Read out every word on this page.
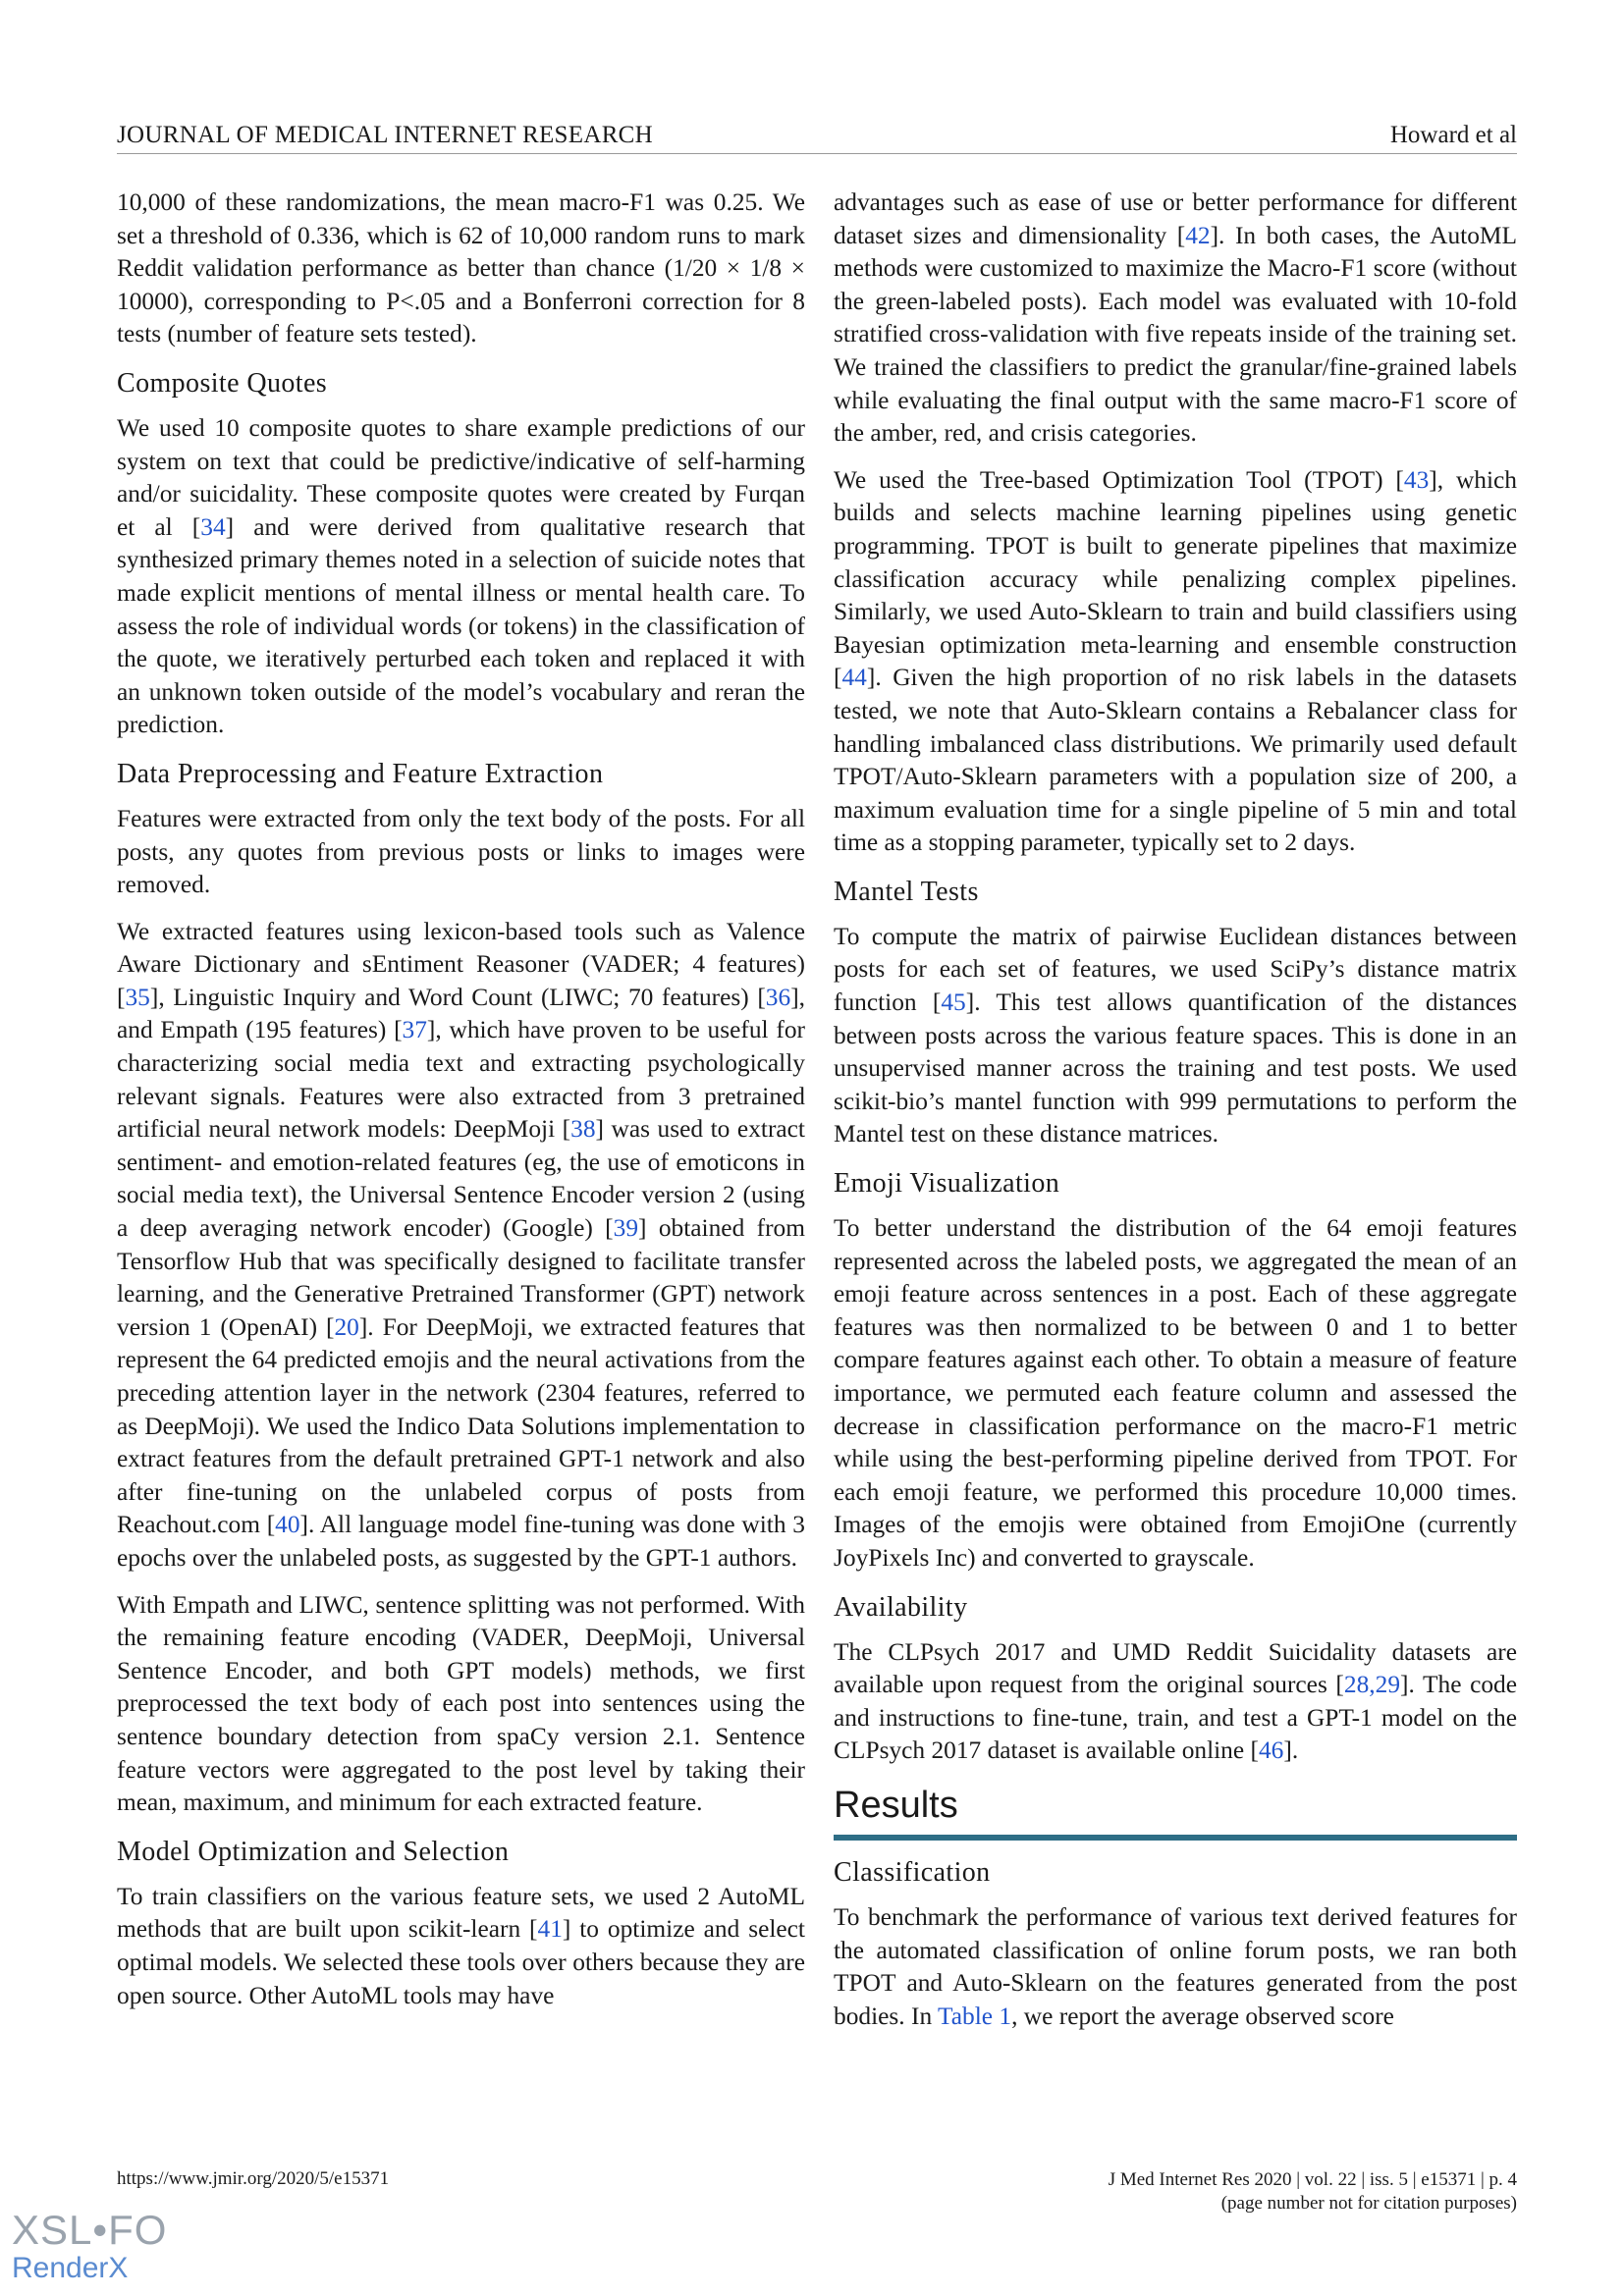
JOURNAL OF MEDICAL INTERNET RESEARCH	Howard et al

10,000 of these randomizations, the mean macro-F1 was 0.25. We set a threshold of 0.336, which is 62 of 10,000 random runs to mark Reddit validation performance as better than chance (1/20 × 1/8 × 10000), corresponding to P<.05 and a Bonferroni correction for 8 tests (number of feature sets tested).

Composite Quotes

We used 10 composite quotes to share example predictions of our system on text that could be predictive/indicative of self-harming and/or suicidality. These composite quotes were created by Furqan et al [34] and were derived from qualitative research that synthesized primary themes noted in a selection of suicide notes that made explicit mentions of mental illness or mental health care. To assess the role of individual words (or tokens) in the classification of the quote, we iteratively perturbed each token and replaced it with an unknown token outside of the model’s vocabulary and reran the prediction.

Data Preprocessing and Feature Extraction

Features were extracted from only the text body of the posts. For all posts, any quotes from previous posts or links to images were removed.

We extracted features using lexicon-based tools such as Valence Aware Dictionary and sEntiment Reasoner (VADER; 4 features) [35], Linguistic Inquiry and Word Count (LIWC; 70 features) [36], and Empath (195 features) [37], which have proven to be useful for characterizing social media text and extracting psychologically relevant signals. Features were also extracted from 3 pretrained artificial neural network models: DeepMoji [38] was used to extract sentiment- and emotion-related features (eg, the use of emoticons in social media text), the Universal Sentence Encoder version 2 (using a deep averaging network encoder) (Google) [39] obtained from Tensorflow Hub that was specifically designed to facilitate transfer learning, and the Generative Pretrained Transformer (GPT) network version 1 (OpenAI) [20]. For DeepMoji, we extracted features that represent the 64 predicted emojis and the neural activations from the preceding attention layer in the network (2304 features, referred to as DeepMoji). We used the Indico Data Solutions implementation to extract features from the default pretrained GPT-1 network and also after fine-tuning on the unlabeled corpus of posts from Reachout.com [40]. All language model fine-tuning was done with 3 epochs over the unlabeled posts, as suggested by the GPT-1 authors.

With Empath and LIWC, sentence splitting was not performed. With the remaining feature encoding (VADER, DeepMoji, Universal Sentence Encoder, and both GPT models) methods, we first preprocessed the text body of each post into sentences using the sentence boundary detection from spaCy version 2.1. Sentence feature vectors were aggregated to the post level by taking their mean, maximum, and minimum for each extracted feature.

Model Optimization and Selection

To train classifiers on the various feature sets, we used 2 AutoML methods that are built upon scikit-learn [41] to optimize and select optimal models. We selected these tools over others because they are open source. Other AutoML tools may have

advantages such as ease of use or better performance for different dataset sizes and dimensionality [42]. In both cases, the AutoML methods were customized to maximize the Macro-F1 score (without the green-labeled posts). Each model was evaluated with 10-fold stratified cross-validation with five repeats inside of the training set. We trained the classifiers to predict the granular/fine-grained labels while evaluating the final output with the same macro-F1 score of the amber, red, and crisis categories.

We used the Tree-based Optimization Tool (TPOT) [43], which builds and selects machine learning pipelines using genetic programming. TPOT is built to generate pipelines that maximize classification accuracy while penalizing complex pipelines. Similarly, we used Auto-Sklearn to train and build classifiers using Bayesian optimization meta-learning and ensemble construction [44]. Given the high proportion of no risk labels in the datasets tested, we note that Auto-Sklearn contains a Rebalancer class for handling imbalanced class distributions. We primarily used default TPOT/Auto-Sklearn parameters with a population size of 200, a maximum evaluation time for a single pipeline of 5 min and total time as a stopping parameter, typically set to 2 days.

Mantel Tests

To compute the matrix of pairwise Euclidean distances between posts for each set of features, we used SciPy’s distance matrix function [45]. This test allows quantification of the distances between posts across the various feature spaces. This is done in an unsupervised manner across the training and test posts. We used scikit-bio’s mantel function with 999 permutations to perform the Mantel test on these distance matrices.

Emoji Visualization

To better understand the distribution of the 64 emoji features represented across the labeled posts, we aggregated the mean of an emoji feature across sentences in a post. Each of these aggregate features was then normalized to be between 0 and 1 to better compare features against each other. To obtain a measure of feature importance, we permuted each feature column and assessed the decrease in classification performance on the macro-F1 metric while using the best-performing pipeline derived from TPOT. For each emoji feature, we performed this procedure 10,000 times. Images of the emojis were obtained from EmojiOne (currently JoyPixels Inc) and converted to grayscale.

Availability

The CLPsych 2017 and UMD Reddit Suicidality datasets are available upon request from the original sources [28,29]. The code and instructions to fine-tune, train, and test a GPT-1 model on the CLPsych 2017 dataset is available online [46].

Results
Classification

To benchmark the performance of various text derived features for the automated classification of online forum posts, we ran both TPOT and Auto-Sklearn on the features generated from the post bodies. In Table 1, we report the average observed score

https://www.jmir.org/2020/5/e15371	J Med Internet Res 2020 | vol. 22 | iss. 5 | e15371 | p. 4
(page number not for citation purposes)
XSL•FO
RenderX
